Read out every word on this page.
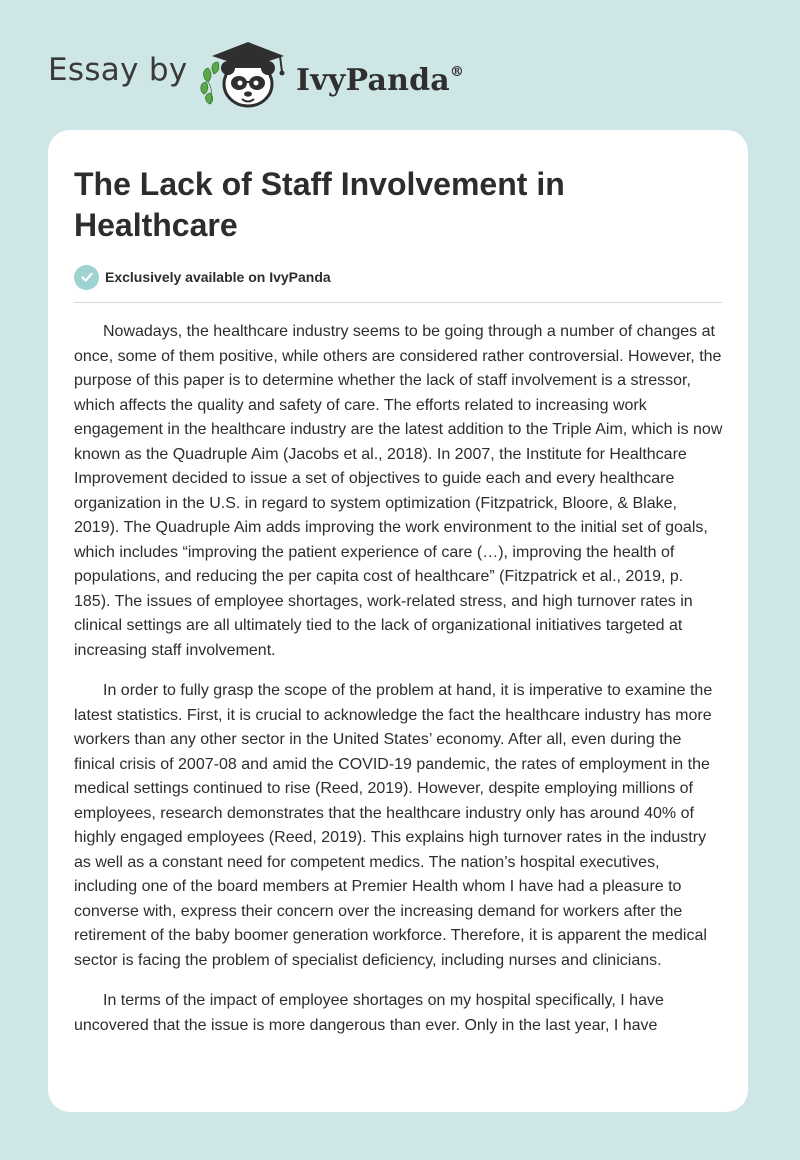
Essay by	IvyPanda®
The Lack of Staff Involvement in Healthcare
Exclusively available on IvyPanda

Nowadays, the healthcare industry seems to be going through a number of changes at once, some of them positive, while others are considered rather controversial. However, the purpose of this paper is to determine whether the lack of staff involvement is a stressor, which affects the quality and safety of care. The efforts related to increasing work engagement in the healthcare industry are the latest addition to the Triple Aim, which is now known as the Quadruple Aim (Jacobs et al., 2018). In 2007, the Institute for Healthcare Improvement decided to issue a set of objectives to guide each and every healthcare organization in the U.S. in regard to system optimization (Fitzpatrick, Bloore, & Blake, 2019). The Quadruple Aim adds improving the work environment to the initial set of goals, which includes “improving the patient experience of care (…), improving the health of populations, and reducing the per capita cost of healthcare” (Fitzpatrick et al., 2019, p. 185). The issues of employee shortages, work-related stress, and high turnover rates in clinical settings are all ultimately tied to the lack of organizational initiatives targeted at increasing staff involvement.

In order to fully grasp the scope of the problem at hand, it is imperative to examine the latest statistics. First, it is crucial to acknowledge the fact the healthcare industry has more workers than any other sector in the United States’ economy. After all, even during the finical crisis of 2007-08 and amid the COVID-19 pandemic, the rates of employment in the medical settings continued to rise (Reed, 2019). However, despite employing millions of employees, research demonstrates that the healthcare industry only has around 40% of highly engaged employees (Reed, 2019). This explains high turnover rates in the industry as well as a constant need for competent medics. The nation’s hospital executives, including one of the board members at Premier Health whom I have had a pleasure to converse with, express their concern over the increasing demand for workers after the retirement of the baby boomer generation workforce. Therefore, it is apparent the medical sector is facing the problem of specialist deficiency, including nurses and clinicians.

In terms of the impact of employee shortages on my hospital specifically, I have uncovered that the issue is more dangerous than ever. Only in the last year, I have
